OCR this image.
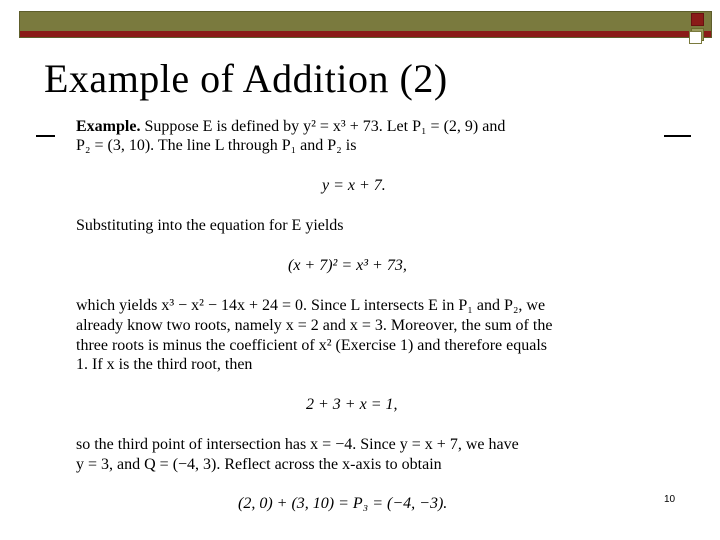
Example of Addition (2)
Example. Suppose E is defined by y² = x³ + 73. Let P₁ = (2, 9) and
P₂ = (3, 10). The line L through P₁ and P₂ is
y = x + 7.
Substituting into the equation for E yields
(x + 7)² = x³ + 73,
which yields x³ − x² − 14x + 24 = 0. Since L intersects E in P₁ and P₂, we
already know two roots, namely x = 2 and x = 3. Moreover, the sum of the
three roots is minus the coefficient of x² (Exercise 1) and therefore equals
1. If x is the third root, then
2 + 3 + x = 1,
so the third point of intersection has x = −4. Since y = x + 7, we have
y = 3, and Q = (−4, 3). Reflect across the x-axis to obtain
(2, 0) + (3, 10) = P₃ = (−4, −3).	10
